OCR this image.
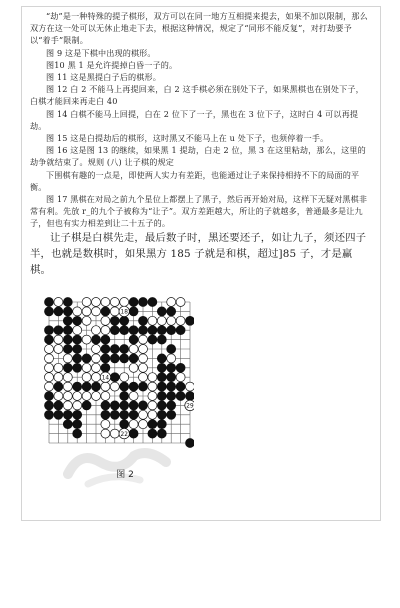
“劫”是一种特殊的提子棋形，双方可以在同一地方互相提来提去，如果不加以限制，那么双方在这一处可以无休止地走下去，根据这种情况，规定了“同形不能反复”，对打劫要予以“着手”限制。

图 9 这是下棋中出现的棋形。

图10 黑 1 是允许提掉白昏一子的。

图 11 这是黑提白子后的棋形。

图 12 白 2 不能马上再提回来，白 2 这手棋必须在别处下子，如果黑棋也在别处下子，白棋才能回来再走白 40

图 14 白棋不能马上回提，白在 2 位下了一子，黑也在 3 位下子，这时白 4 可以再提劫。

图 15 这是白提劫后的棋形，这时黑又不能马上在 u 处下子，也须停着一手。

图 16 这是图 13 的继续，如果黑 1 提劫，白走 2 位，黑 3 在这里粘劫，那么，这里的劫争就结束了。规则 (八) 让子棋的规定

下围棋有趣的一点是，即使两人实力有差距，也能通过让子来保持相持不下的局面的平衡。

图 17 黑棋在对局之前九个星位上都摆上了黑子，然后再开始对局，这样下无疑对黑棋非常有利。先放 r_的九个子被称为“让子”。双方差距越大，所让的子就越多，普通最多是让九子，但也有实力相差到让二十五子的。

让子棋是白棋先走，最后数子时，黑还要还子，如让九子，须还四子半，也就是数棋时，如果黑方 185 子就是和棋，超过]85 子，才是赢棋。

18
14
29
22
图 2
